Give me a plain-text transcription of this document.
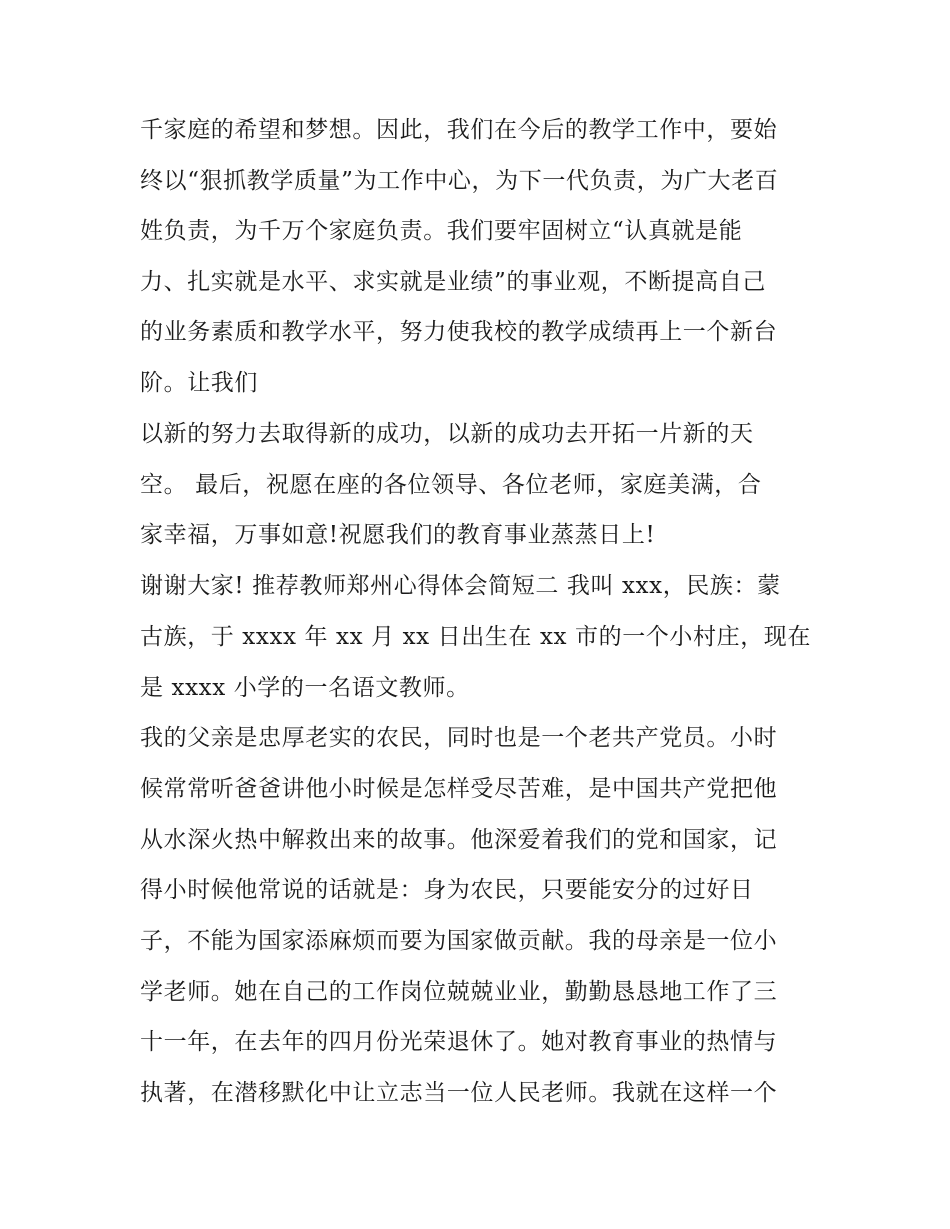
千家庭的希望和梦想。因此，我们在今后的教学工作中，要始

终以“狠抓教学质量”为工作中心，为下一代负责，为广大老百

姓负责，为千万个家庭负责。我们要牢固树立“认真就是能

力、扎实就是水平、求实就是业绩”的事业观，不断提高自己

的业务素质和教学水平，努力使我校的教学成绩再上一个新台

阶。让我们

以新的努力去取得新的成功，以新的成功去开拓一片新的天

空。 最后，祝愿在座的各位领导、各位老师，家庭美满，合

家幸福，万事如意!祝愿我们的教育事业蒸蒸日上!

谢谢大家! 推荐教师郑州心得体会简短二 我叫 xxx，民族：蒙

古族，于 xxxx 年 xx 月 xx 日出生在 xx 市的一个小村庄，现在

是 xxxx 小学的一名语文教师。

我的父亲是忠厚老实的农民，同时也是一个老共产党员。小时

候常常听爸爸讲他小时候是怎样受尽苦难，是中国共产党把他

从水深火热中解救出来的故事。他深爱着我们的党和国家，记

得小时候他常说的话就是：身为农民，只要能安分的过好日

子，不能为国家添麻烦而要为国家做贡献。我的母亲是一位小

学老师。她在自己的工作岗位兢兢业业，勤勤恳恳地工作了三

十一年，在去年的四月份光荣退休了。她对教育事业的热情与

执著，在潜移默化中让立志当一位人民老师。我就在这样一个
